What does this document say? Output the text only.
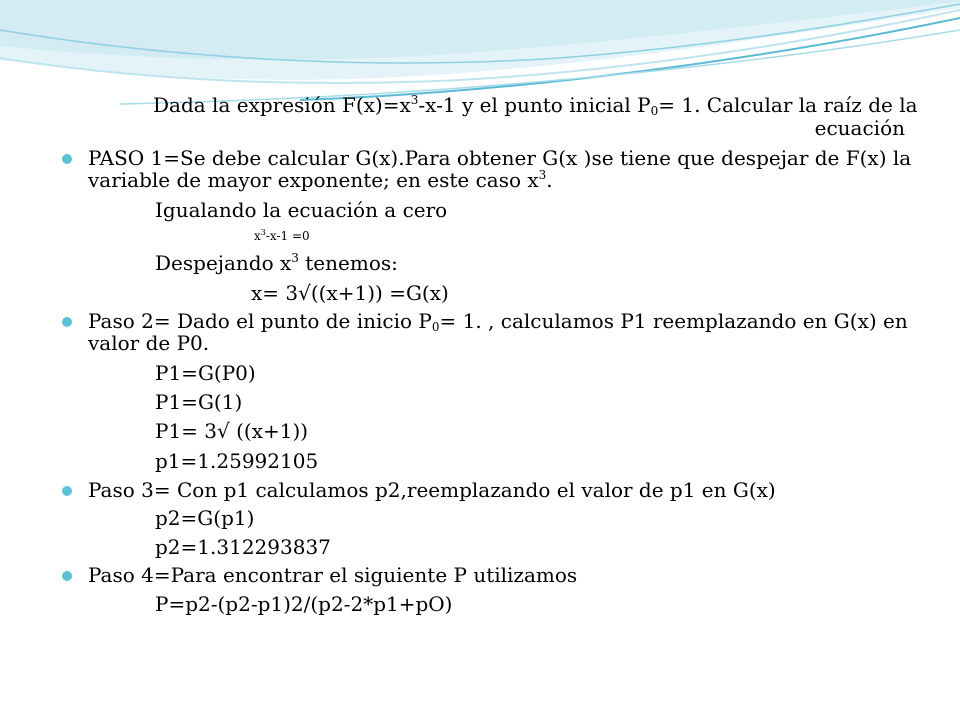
Dada la expresión $F(x)=x^3-x-1$ y el punto inicial $P_0= 1$. Calcular la raíz de la
ecuación
PASO 1=Se debe calcular G(x).Para obtener G(x )se tiene que despejar de F(x) la
variable de mayor exponente; en este caso $x^3$.
Igualando la ecuación a cero
$x^3-x-1 =0$
Despejando $x^3$ tenemos:
x= 3√((x+1)) =G(x)
Paso 2= Dado el punto de inicio $P_0= 1$. , calculamos P1 reemplazando en G(x) en
valor de P0.
P1=G(P0)
P1=G(1)
P1= 3√ ((x+1))
p1=1.25992105
Paso 3= Con p1 calculamos p2,reemplazando el valor de p1 en G(x)
p2=G(p1)
p2=1.312293837
Paso 4=Para encontrar el siguiente P utilizamos
P=p2-(p2-p1)2/(p2-2*p1+pO)
